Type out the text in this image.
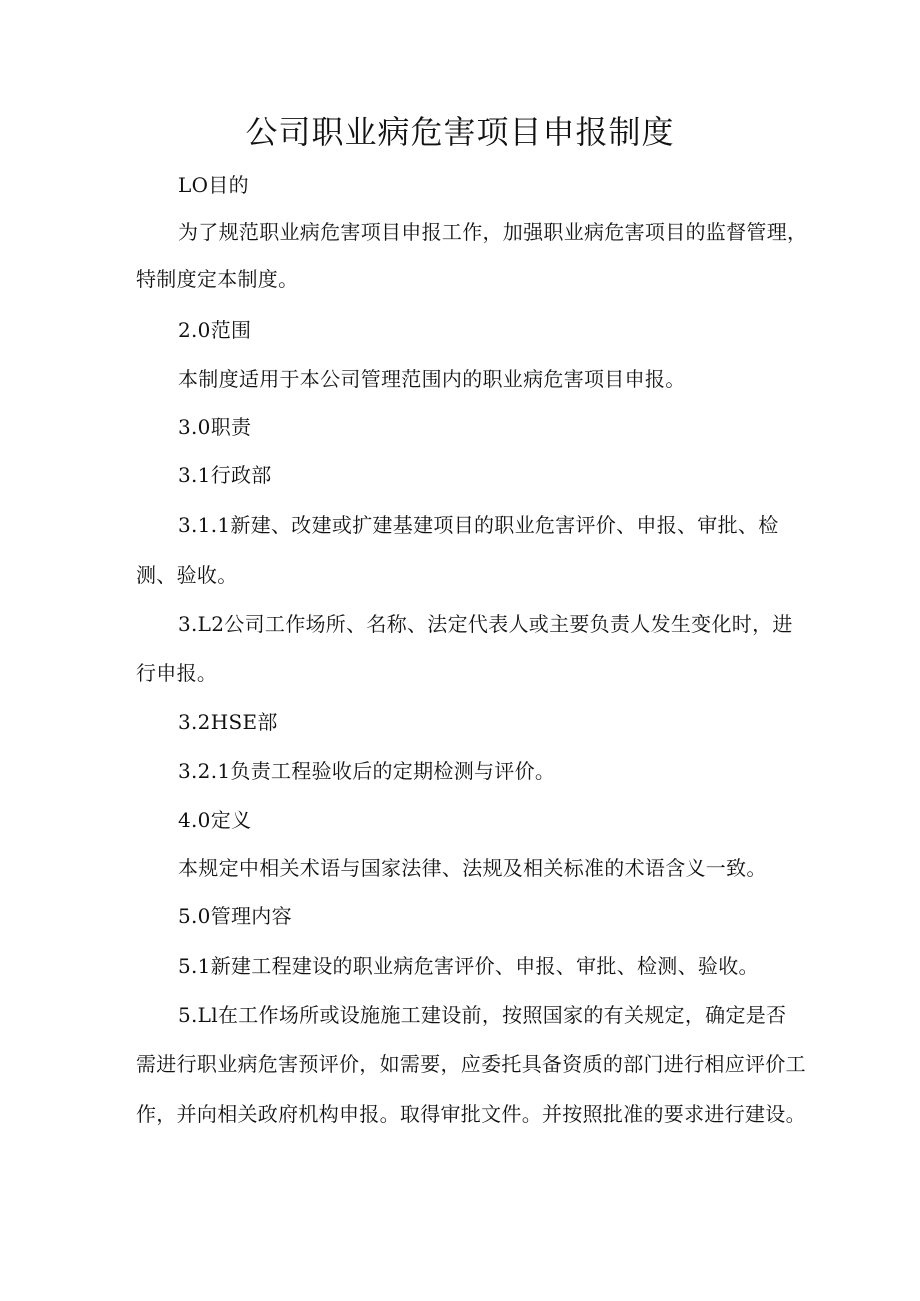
公司职业病危害项目申报制度
LO目的
为了规范职业病危害项目申报工作，加强职业病危害项目的监督管理，
特制度定本制度。
2.0范围
本制度适用于本公司管理范围内的职业病危害项目申报。
3.0职责
3.1行政部
3.1.1新建、改建或扩建基建项目的职业危害评价、申报、审批、检
测、验收。
3.L2公司工作场所、名称、法定代表人或主要负责人发生变化时，进
行申报。
3.2HSE部
3.2.1负责工程验收后的定期检测与评价。
4.0定义
本规定中相关术语与国家法律、法规及相关标准的术语含义一致。
5.0管理内容
5.1新建工程建设的职业病危害评价、申报、审批、检测、验收。
5.Ll在工作场所或设施施工建设前，按照国家的有关规定，确定是否
需进行职业病危害预评价，如需要，应委托具备资质的部门进行相应评价工
作，并向相关政府机构申报。取得审批文件。并按照批准的要求进行建设。
